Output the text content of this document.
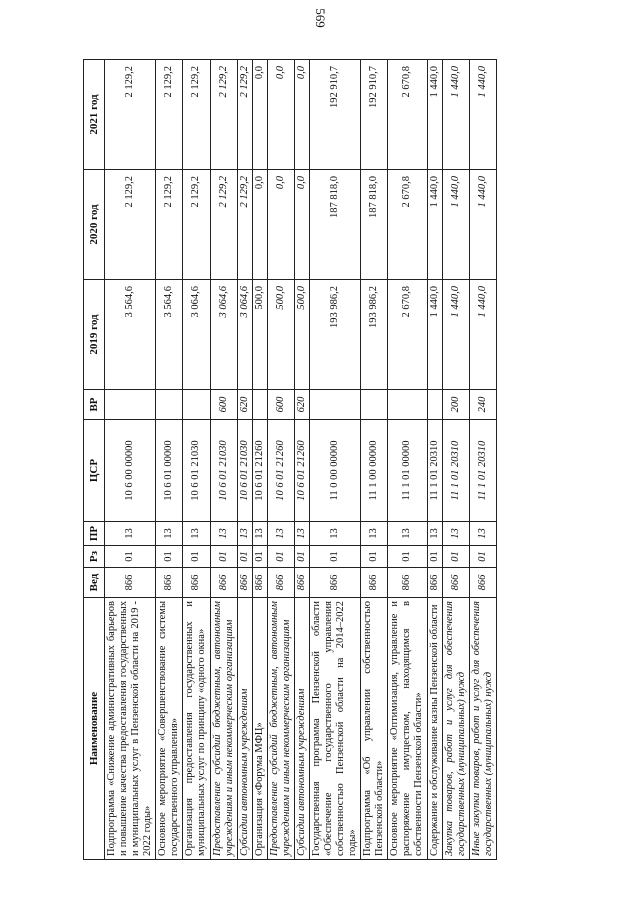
569
Наименование	Вед	Рз	ПР	ЦСР	ВР	2019 год	2020 год	2021 год
Подпрограмма «Снижение административных барьеров и повышение качества предоставления государственных и муниципальных услуг в Пензенской области на 2019 - 2022 годы»	866	01	13	10 6 00 00000		3 564,6	2 129,2	2 129,2
Основное мероприятие «Совершенствование системы государственного управления»	866	01	13	10 6 01 00000		3 564,6	2 129,2	2 129,2
Организация предоставления государственных и муниципальных услуг по принципу «одного окна»	866	01	13	10 6 01 21030		3 064,6	2 129,2	2 129,2
Предоставление субсидий бюджетным, автономным учреждениям и иным некоммерческим организациям	866	01	13	10 6 01 21030	600	3 064,6	2 129,2	2 129,2
Субсидии автономным учреждениям	866	01	13	10 6 01 21030	620	3 064,6	2 129,2	2 129,2
Организация «Форума МФЦ»	866	01	13	10 6 01 21260		500,0	0,0	0,0
Предоставление субсидий бюджетным, автономным учреждениям и иным некоммерческим организациям	866	01	13	10 6 01 21260	600	500,0	0,0	0,0
Субсидии автономным учреждениям	866	01	13	10 6 01 21260	620	500,0	0,0	0,0
Государственная программа Пензенской области «Обеспечение государственного управления собственностью Пензенской области на 2014–2022 годы»	866	01	13	11 0 00 00000		193 986,2	187 818,0	192 910,7
Подпрограмма «Об управлении собственностью Пензенской области»	866	01	13	11 1 00 00000		193 986,2	187 818,0	192 910,7
Основное мероприятие «Оптимизация, управление и распоряжение имуществом, находящимся в собственности Пензенской области»	866	01	13	11 1 01 00000		2 670,8	2 670,8	2 670,8
Содержание и обслуживание казны Пензенской области	866	01	13	11 1 01 20310		1 440,0	1 440,0	1 440,0
Закупка товаров, работ и услуг для обеспечения государственных (муниципальных) нужд	866	01	13	11 1 01 20310	200	1 440,0	1 440,0	1 440,0
Иные закупки товаров, работ и услуг для обеспечения государственных (муниципальных) нужд	866	01	13	11 1 01 20310	240	1 440,0	1 440,0	1 440,0
